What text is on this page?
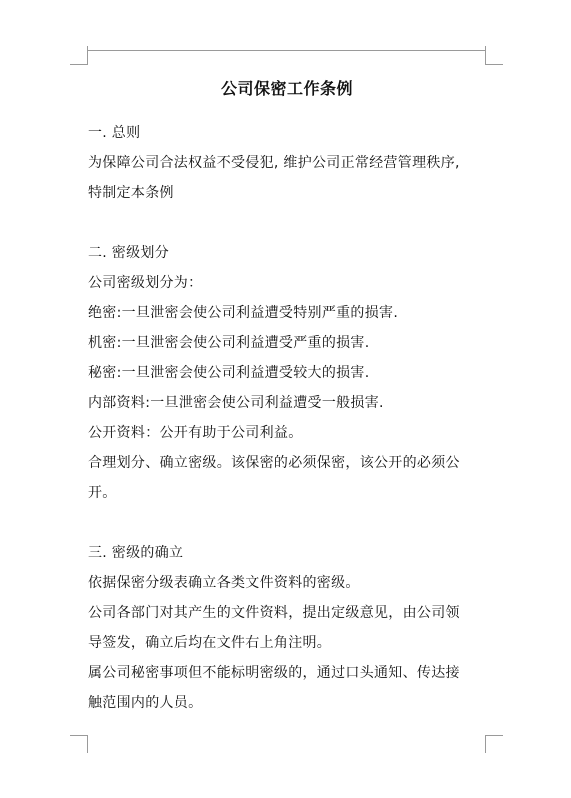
公司保密工作条例
一. 总则
为保障公司合法权益不受侵犯, 维护公司正常经营管理秩序,
特制定本条例
二. 密级划分
公司密级划分为：
绝密:一旦泄密会使公司利益遭受特别严重的损害.
机密:一旦泄密会使公司利益遭受严重的损害.
秘密:一旦泄密会使公司利益遭受较大的损害.
内部资料:一旦泄密会使公司利益遭受一般损害.
公开资料：公开有助于公司利益。
合理划分、确立密级。该保密的必须保密，该公开的必须公
开。
三. 密级的确立
依据保密分级表确立各类文件资料的密级。
公司各部门对其产生的文件资料，提出定级意见，由公司领
导签发，确立后均在文件右上角注明。
属公司秘密事项但不能标明密级的，通过口头通知、传达接
触范围内的人员。
